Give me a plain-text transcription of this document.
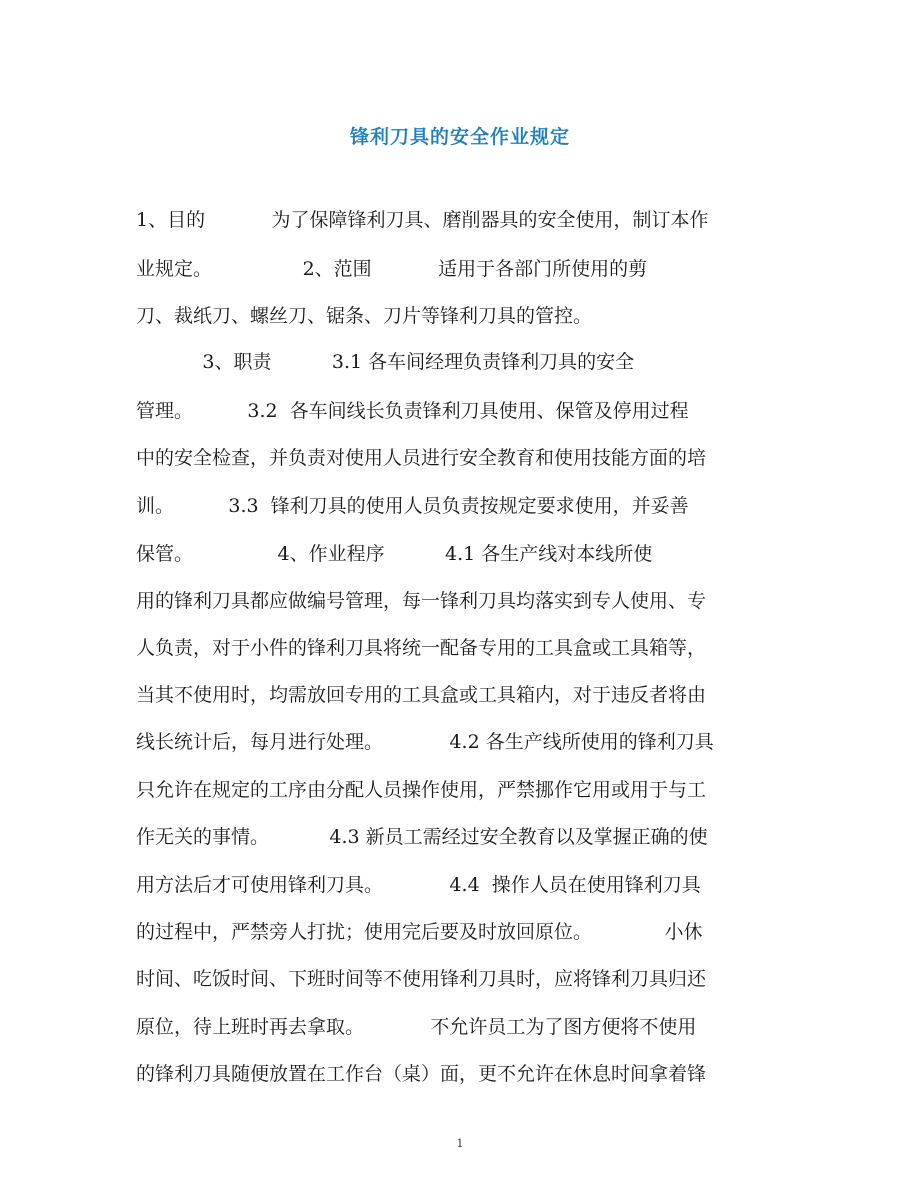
锋利刀具的安全作业规定
1、目的           为了保障锋利刀具、磨削器具的安全使用，制订本作
业规定。               2、范围           适用于各部门所使用的剪
刀、裁纸刀、螺丝刀、锯条、刀片等锋利刀具的管控。
3、职责          3.1 各车间经理负责锋利刀具的安全
管理。         3.2  各车间线长负责锋利刀具使用、保管及停用过程
中的安全检查，并负责对使用人员进行安全教育和使用技能方面的培
训。         3.3  锋利刀具的使用人员负责按规定要求使用，并妥善
保管。              4、作业程序          4.1 各生产线对本线所使
用的锋利刀具都应做编号管理，每一锋利刀具均落实到专人使用、专
人负责，对于小件的锋利刀具将统一配备专用的工具盒或工具箱等，
当其不使用时，均需放回专用的工具盒或工具箱内，对于违反者将由
线长统计后，每月进行处理。           4.2 各生产线所使用的锋利刀具
只允许在规定的工序由分配人员操作使用，严禁挪作它用或用于与工
作无关的事情。          4.3 新员工需经过安全教育以及掌握正确的使
用方法后才可使用锋利刀具。           4.4  操作人员在使用锋利刀具
的过程中，严禁旁人打扰；使用完后要及时放回原位。            小休
时间、吃饭时间、下班时间等不使用锋利刀具时，应将锋利刀具归还
原位，待上班时再去拿取。           不允许员工为了图方便将不使用
的锋利刀具随便放置在工作台（桌）面，更不允许在休息时间拿着锋
1
